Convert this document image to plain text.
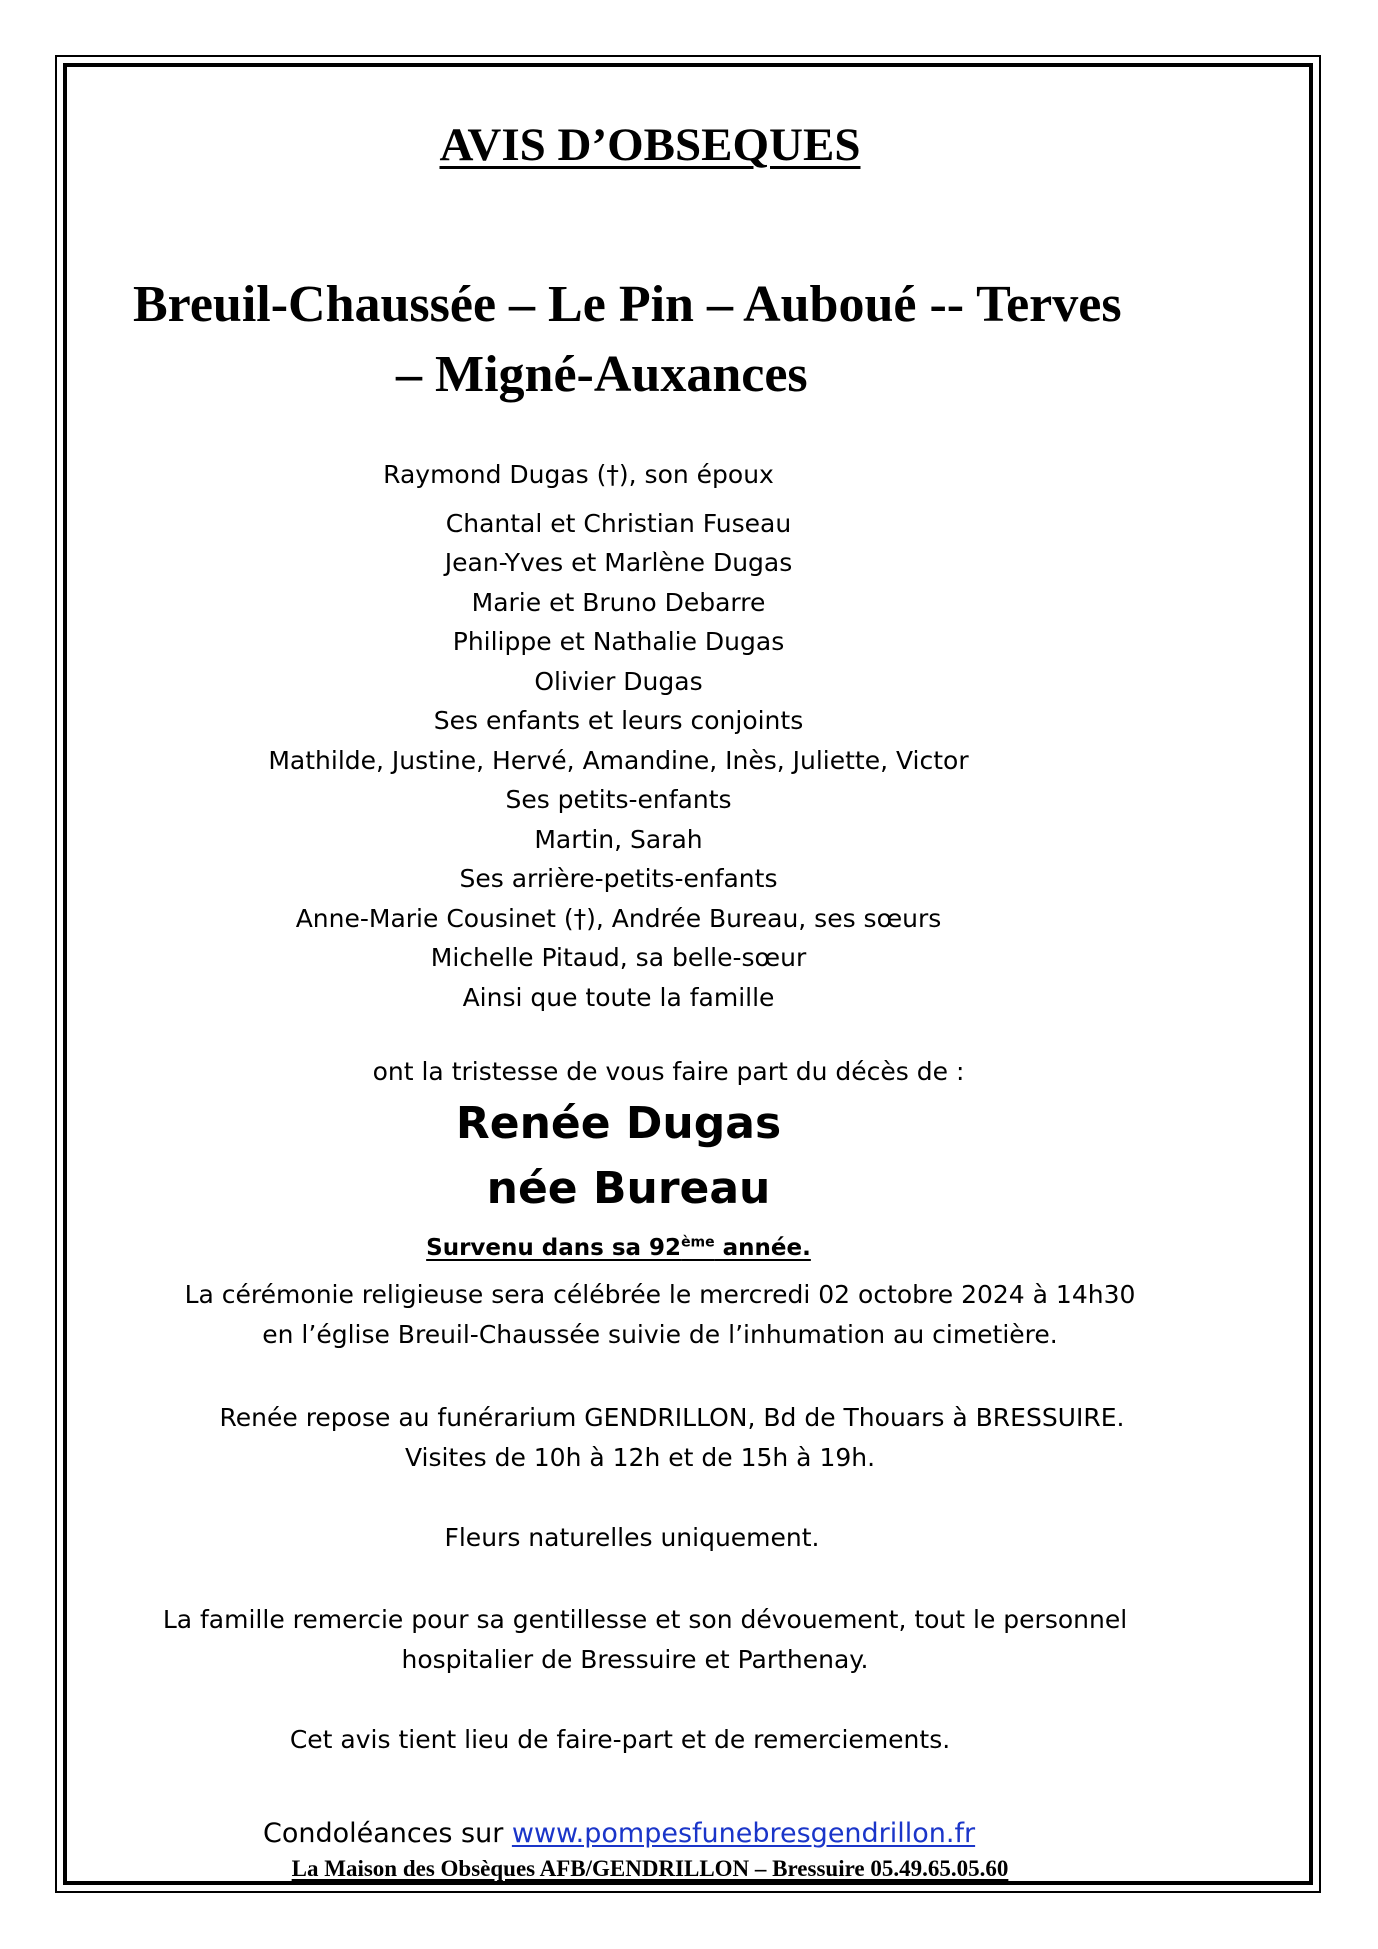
AVIS D’OBSEQUES
Breuil-Chaussée – Le Pin – Auboué -- Terves
– Migné-Auxances
Raymond Dugas (†), son époux
Chantal et Christian Fuseau
Jean-Yves et Marlène Dugas
Marie et Bruno Debarre
Philippe et Nathalie Dugas
Olivier Dugas
Ses enfants et leurs conjoints
Mathilde, Justine, Hervé, Amandine, Inès, Juliette, Victor
Ses petits-enfants
Martin, Sarah
Ses arrière-petits-enfants
Anne-Marie Cousinet (†), Andrée Bureau, ses sœurs
Michelle Pitaud, sa belle-sœur
Ainsi que toute la famille
ont la tristesse de vous faire part du décès de :
Renée Dugas
née Bureau
Survenu dans sa 92ème année.
La cérémonie religieuse sera célébrée le mercredi 02 octobre 2024 à 14h30
en l’église Breuil-Chaussée suivie de l’inhumation au cimetière.
Renée repose au funérarium GENDRILLON, Bd de Thouars à BRESSUIRE.
Visites de 10h à 12h et de 15h à 19h.
Fleurs naturelles uniquement.
La famille remercie pour sa gentillesse et son dévouement, tout le personnel
hospitalier de Bressuire et Parthenay.
Cet avis tient lieu de faire-part et de remerciements.
Condoléances sur www.pompesfunebresgendrillon.fr
La Maison des Obsèques AFB/GENDRILLON – Bressuire 05.49.65.05.60
